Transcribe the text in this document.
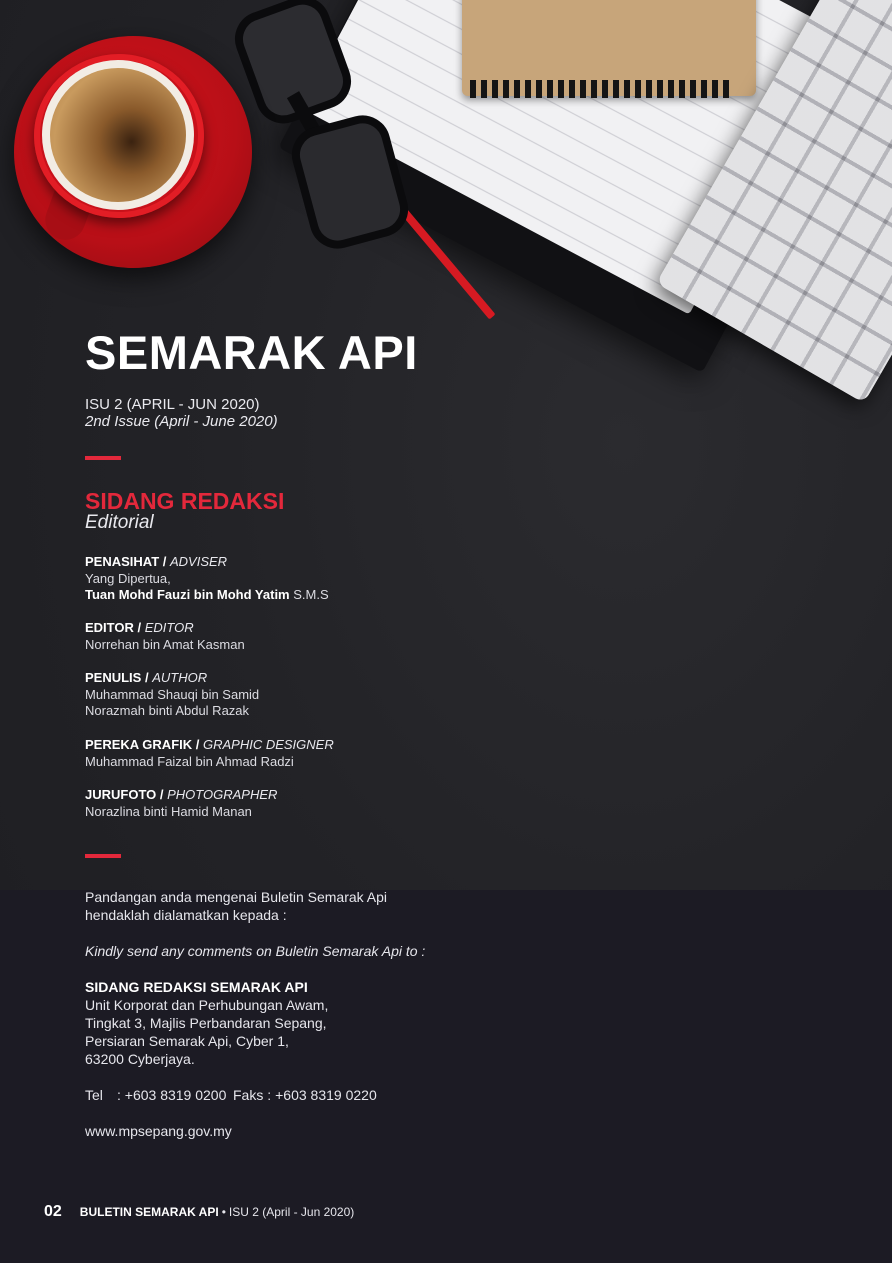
SEMARAK API
ISU 2 (APRIL - JUN 2020)
2nd Issue (April - June 2020)
SIDANG REDAKSI
Editorial
PENASIHAT / ADVISER
Yang Dipertua,
Tuan Mohd Fauzi bin Mohd Yatim S.M.S
EDITOR / EDITOR
Norrehan bin Amat Kasman
PENULIS / AUTHOR
Muhammad Shauqi bin Samid
Norazmah binti Abdul Razak
PEREKA GRAFIK / GRAPHIC DESIGNER
Muhammad Faizal bin Ahmad Radzi
JURUFOTO / PHOTOGRAPHER
Norazlina binti Hamid Manan

Pandangan anda mengenai Buletin Semarak Api

hendaklah dialamatkan kepada :

Kindly send any comments on Buletin Semarak Api to :

SIDANG REDAKSI SEMARAK API

Unit Korporat dan Perhubungan Awam,

Tingkat 3, Majlis Perbandaran Sepang,

Persiaran Semarak Api, Cyber 1,

63200 Cyberjaya.

Tel : +603 8319 0200 Faks : +603 8319 0220

www.mpsepang.gov.my

02 BULETIN SEMARAK API • ISU 2 (April - Jun 2020)
